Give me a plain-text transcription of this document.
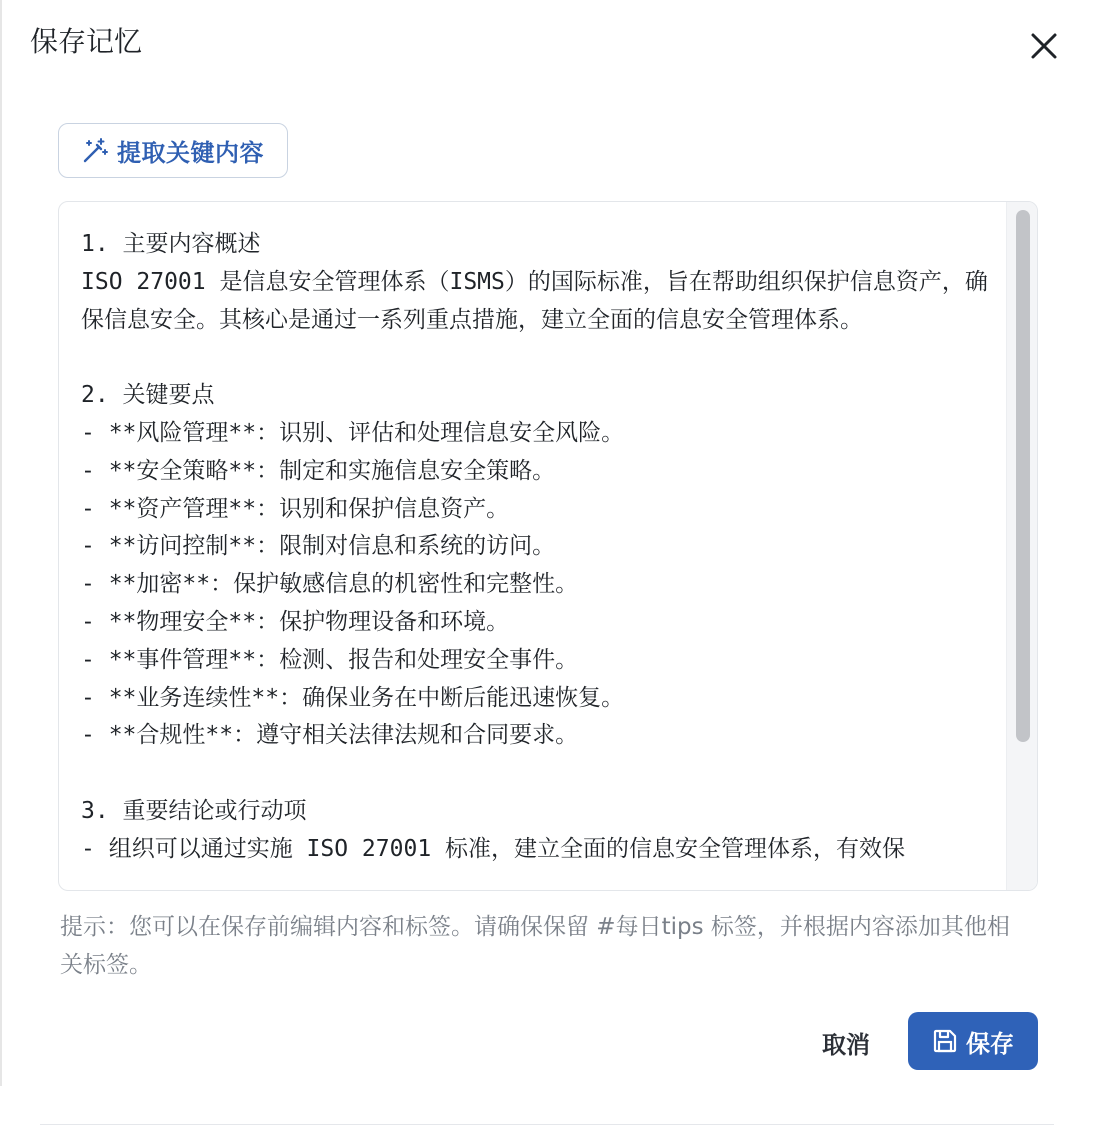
保存记忆
提取关键内容
1. 主要内容概述
ISO 27001 是信息安全管理体系（ISMS）的国际标准，旨在帮助组织保护信息资产，确保信息安全。其核心是通过一系列重点措施，建立全面的信息安全管理体系。

2. 关键要点
- **风险管理**：识别、评估和处理信息安全风险。
- **安全策略**：制定和实施信息安全策略。
- **资产管理**：识别和保护信息资产。
- **访问控制**：限制对信息和系统的访问。
- **加密**：保护敏感信息的机密性和完整性。
- **物理安全**：保护物理设备和环境。
- **事件管理**：检测、报告和处理安全事件。
- **业务连续性**：确保业务在中断后能迅速恢复。
- **合规性**：遵守相关法律法规和合同要求。

3. 重要结论或行动项
- 组织可以通过实施 ISO 27001 标准，建立全面的信息安全管理体系，有效保
提示：您可以在保存前编辑内容和标签。请确保保留 #每日tips 标签，并根据内容添加其他相关标签。
取消	保存
